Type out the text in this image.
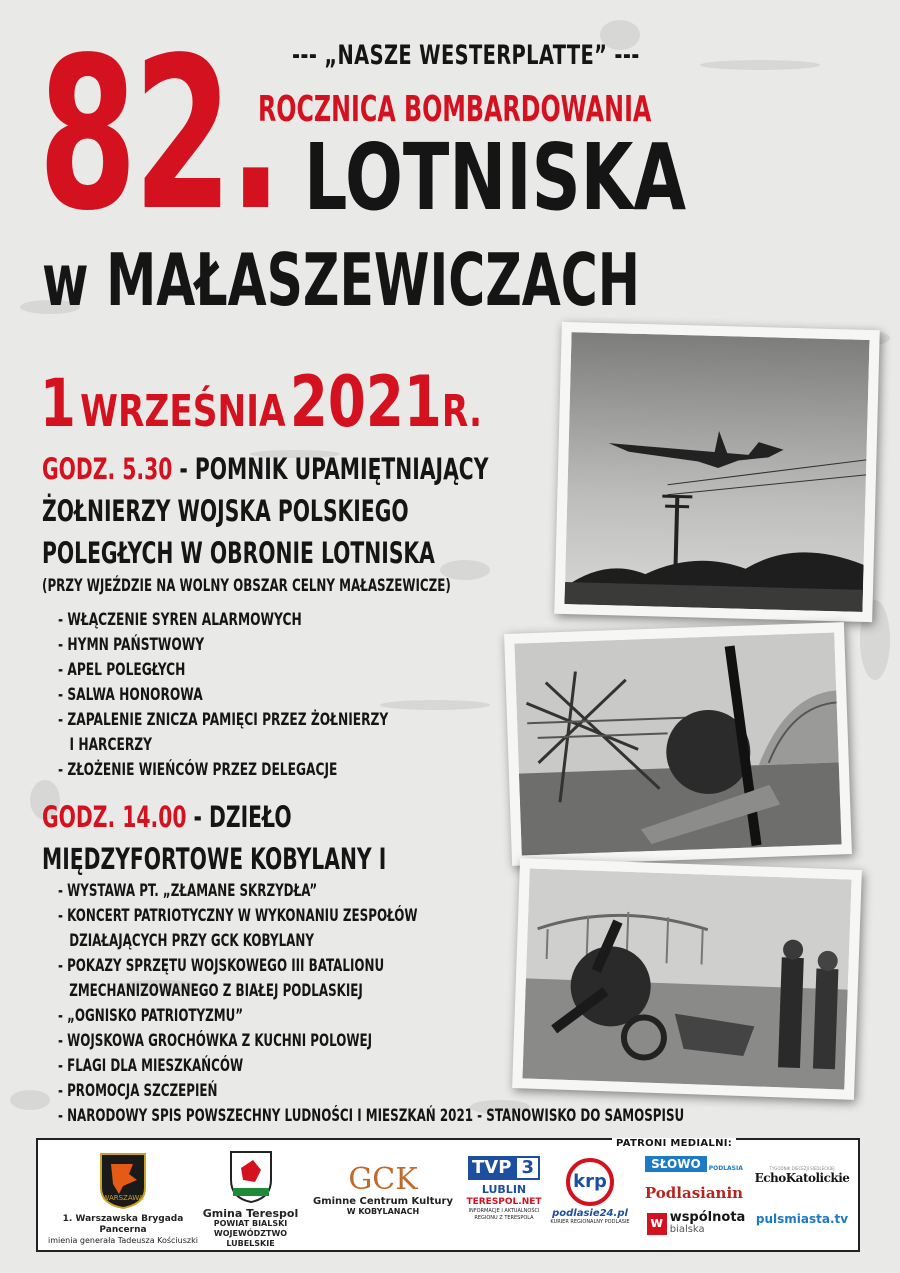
82. --- „NASZE WESTERPLATTE” ---
ROCZNICA BOMBARDOWANIA
LOTNISKA
w MAŁASZEWICZACH
1 WRZEŚNIA 2021R.
GODZ. 5.30 - POMNIK UPAMIĘTNIAJĄCY
ŻOŁNIERZY WOJSKA POLSKIEGO
POLEGŁYCH W OBRONIE LOTNISKA
(PRZY WJEŹDZIE NA WOLNY OBSZAR CELNY MAŁASZEWICZE)
- WŁĄCZENIE SYREN ALARMOWYCH
- HYMN PAŃSTWOWY
- APEL POLEGŁYCH
- SALWA HONOROWA
- ZAPALENIE ZNICZA PAMIĘCI PRZEZ ŻOŁNIERZY
I HARCERZY
- ZŁOŻENIE WIEŃCÓW PRZEZ DELEGACJE
GODZ. 14.00 - DZIEŁO
MIĘDZYFORTOWE KOBYLANY I
- WYSTAWA PT. „ZŁAMANE SKRZYDŁA”
- KONCERT PATRIOTYCZNY W WYKONANIU ZESPOŁÓW
DZIAŁAJĄCYCH PRZY GCK KOBYLANY
- POKAZY SPRZĘTU WOJSKOWEGO III BATALIONU
ZMECHANIZOWANEGO Z BIAŁEJ PODLASKIEJ
- „OGNISKO PATRIOTYZMU”
- WOJSKOWA GROCHÓWKA Z KUCHNI POLOWEJ
- FLAGI DLA MIESZKAŃCÓW
- PROMOCJA SZCZEPIEŃ
- NARODOWY SPIS POWSZECHNY LUDNOŚCI I MIESZKAŃ 2021 - STANOWISKO DO SAMOSPISU
PATRONI MEDIALNI:
WARSZAWA
1. Warszawska Brygada Pancerna
imienia generała Tadeusza Kościuszki
Gmina Terespol
POWIAT BIALSKI
WOJEWÓDZTWO LUBELSKIE
GCK
Gminne Centrum Kultury
W KOBYLANACH
TVP 3
LUBLIN
TERESPOL.NET
INFORMACJE I AKTUALNOŚCI REGIONU Z TERESPOLA
krp
podlasie24.pl
KURIER REGIONALNY PODLASIE
SŁOWO	PODLASIA
Podlasianin
w wspólnota
bialska
TYGODNIK DIECEZJI SIEDLECKIEJ
EchoKatolickie
pulsmiasta.tv
